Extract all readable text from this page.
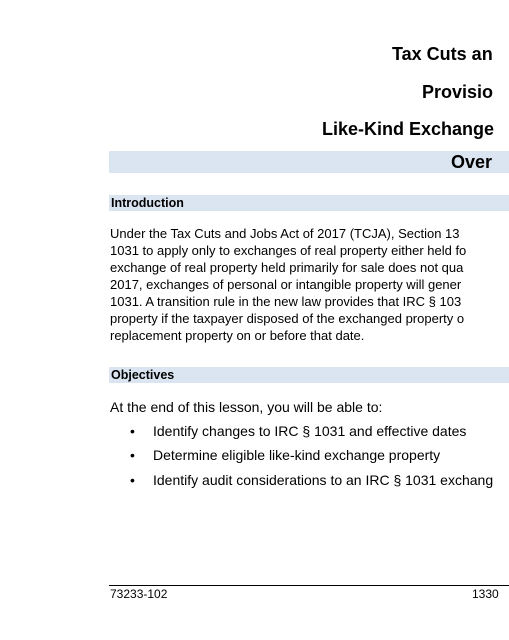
Tax Cuts an
Provisio
Like-Kind Exchange
Over
Introduction
Under the Tax Cuts and Jobs Act of 2017 (TCJA), Section 13
1031 to apply only to exchanges of real property either held fo
exchange of real property held primarily for sale does not qua
2017, exchanges of personal or intangible property will gener
1031. A transition rule in the new law provides that IRC § 103
property if the taxpayer disposed of the exchanged property o
replacement property on or before that date.
Objectives
At the end of this lesson, you will be able to:
• Identify changes to IRC § 1031 and effective dates
• Determine eligible like-kind exchange property
• Identify audit considerations to an IRC § 1031 exchang
73233-102	1330
